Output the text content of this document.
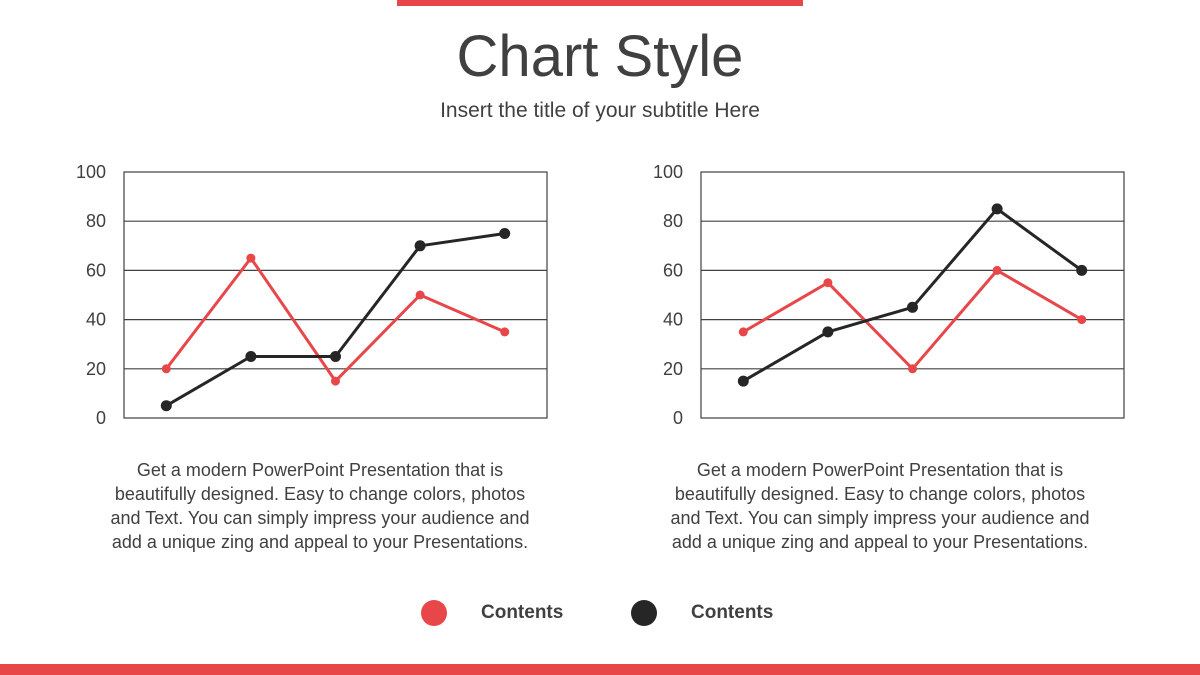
Chart Style
Insert the title of your subtitle Here
0
20
40
60
80
100
0
20
40
60
80
100
Get a modern PowerPoint Presentation that is beautifully designed. Easy to change colors, photos and Text. You can simply impress your audience and add a unique zing and appeal to your Presentations.
Get a modern PowerPoint Presentation that is beautifully designed. Easy to change colors, photos and Text. You can simply impress your audience and add a unique zing and appeal to your Presentations.
Contents	Contents
